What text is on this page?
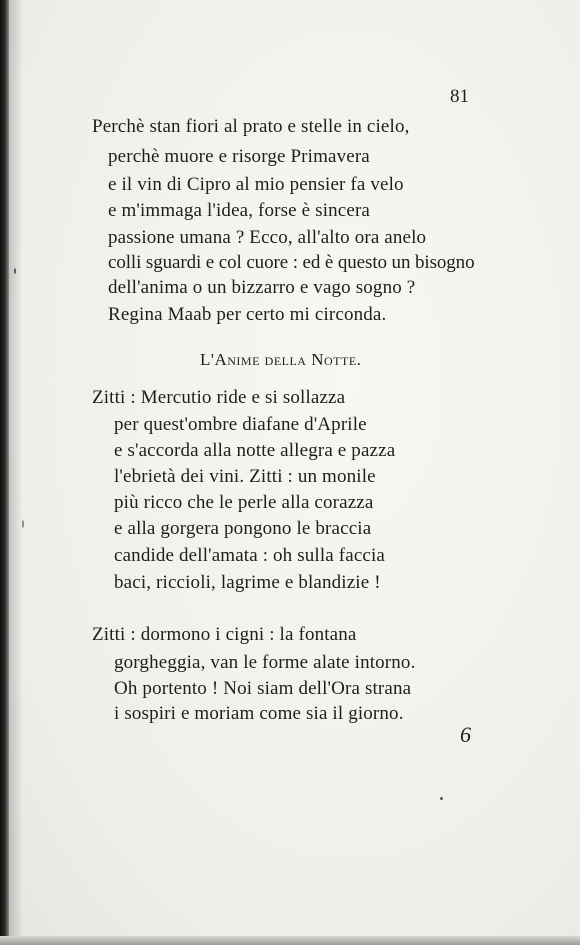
81
Perchè stan fiori al prato e stelle in cielo,
perchè muore e risorge Primavera
e il vin di Cipro al mio pensier fa velo
e m'immaga l'idea, forse è sincera
passione umana ? Ecco, all'alto ora anelo
colli sguardi e col cuore : ed è questo un bisogno
dell'anima o un bizzarro e vago sogno ?
Regina Maab per certo mi circonda.
L'Anime della Notte.
Zitti : Mercutio ride e si sollazza
per quest'ombre diafane d'Aprile
e s'accorda alla notte allegra e pazza
l'ebrietà dei vini. Zitti : un monile
più ricco che le perle alla corazza
e alla gorgera pongono le braccia
candide dell'amata : oh sulla faccia
baci, riccioli, lagrime e blandizie !
Zitti : dormono i cigni : la fontana
gorgheggia, van le forme alate intorno.
Oh portento ! Noi siam dell'Ora strana
i sospiri e moriam come sia il giorno.
6
